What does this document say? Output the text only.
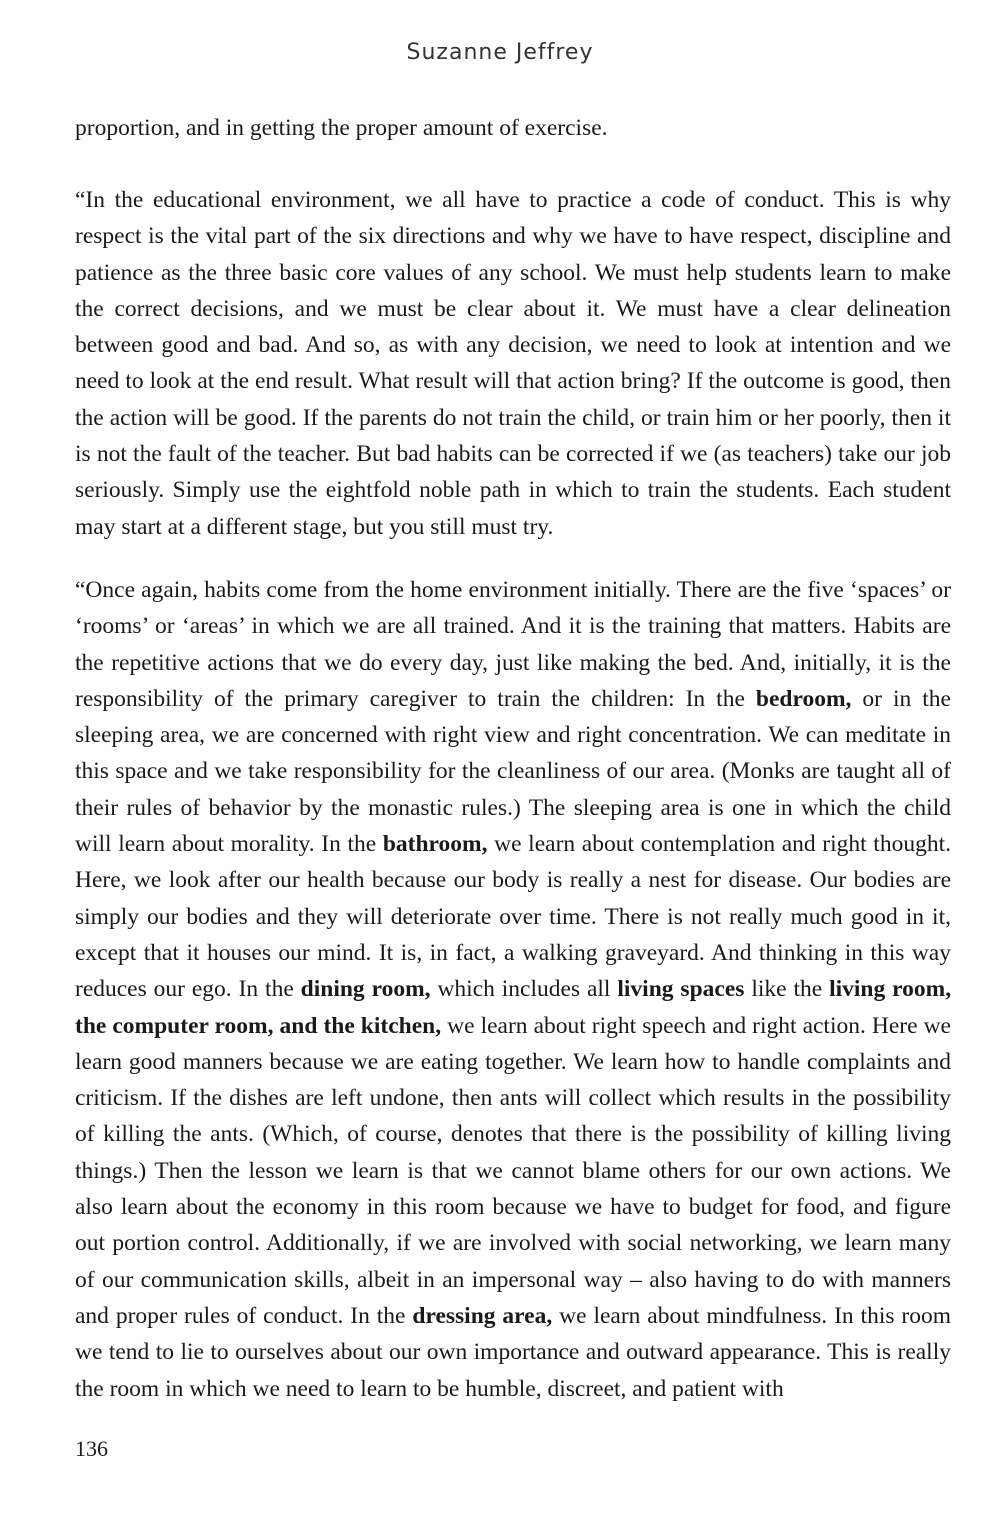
Suzanne Jeffrey

proportion, and in getting the proper amount of exercise.

“In the educational environment, we all have to practice a code of conduct. This is why respect is the vital part of the six directions and why we have to have respect, discipline and patience as the three basic core values of any school. We must help students learn to make the correct decisions, and we must be clear about it. We must have a clear delineation between good and bad. And so, as with any decision, we need to look at intention and we need to look at the end result. What result will that action bring? If the outcome is good, then the action will be good. If the parents do not train the child, or train him or her poorly, then it is not the fault of the teacher. But bad habits can be corrected if we (as teachers) take our job seriously. Simply use the eightfold noble path in which to train the students. Each student may start at a different stage, but you still must try.

“Once again, habits come from the home environment initially. There are the five ‘spaces’ or ‘rooms’ or ‘areas’ in which we are all trained. And it is the training that matters. Habits are the repetitive actions that we do every day, just like making the bed. And, initially, it is the responsibility of the primary caregiver to train the children: In the bedroom, or in the sleeping area, we are concerned with right view and right concentration. We can meditate in this space and we take responsibility for the cleanliness of our area. (Monks are taught all of their rules of behavior by the monastic rules.) The sleeping area is one in which the child will learn about morality. In the bathroom, we learn about contemplation and right thought. Here, we look after our health because our body is really a nest for disease. Our bodies are simply our bodies and they will deteriorate over time. There is not really much good in it, except that it houses our mind. It is, in fact, a walking graveyard. And thinking in this way reduces our ego. In the dining room, which includes all living spaces like the living room, the computer room, and the kitchen, we learn about right speech and right action. Here we learn good manners because we are eating together. We learn how to handle complaints and criticism. If the dishes are left undone, then ants will collect which results in the possibility of killing the ants. (Which, of course, denotes that there is the possibility of killing living things.) Then the lesson we learn is that we cannot blame others for our own actions. We also learn about the economy in this room because we have to budget for food, and figure out portion control. Additionally, if we are involved with social networking, we learn many of our communication skills, albeit in an impersonal way – also having to do with manners and proper rules of conduct. In the dressing area, we learn about mindfulness. In this room we tend to lie to ourselves about our own importance and outward appearance. This is really the room in which we need to learn to be humble, discreet, and patient with

136
